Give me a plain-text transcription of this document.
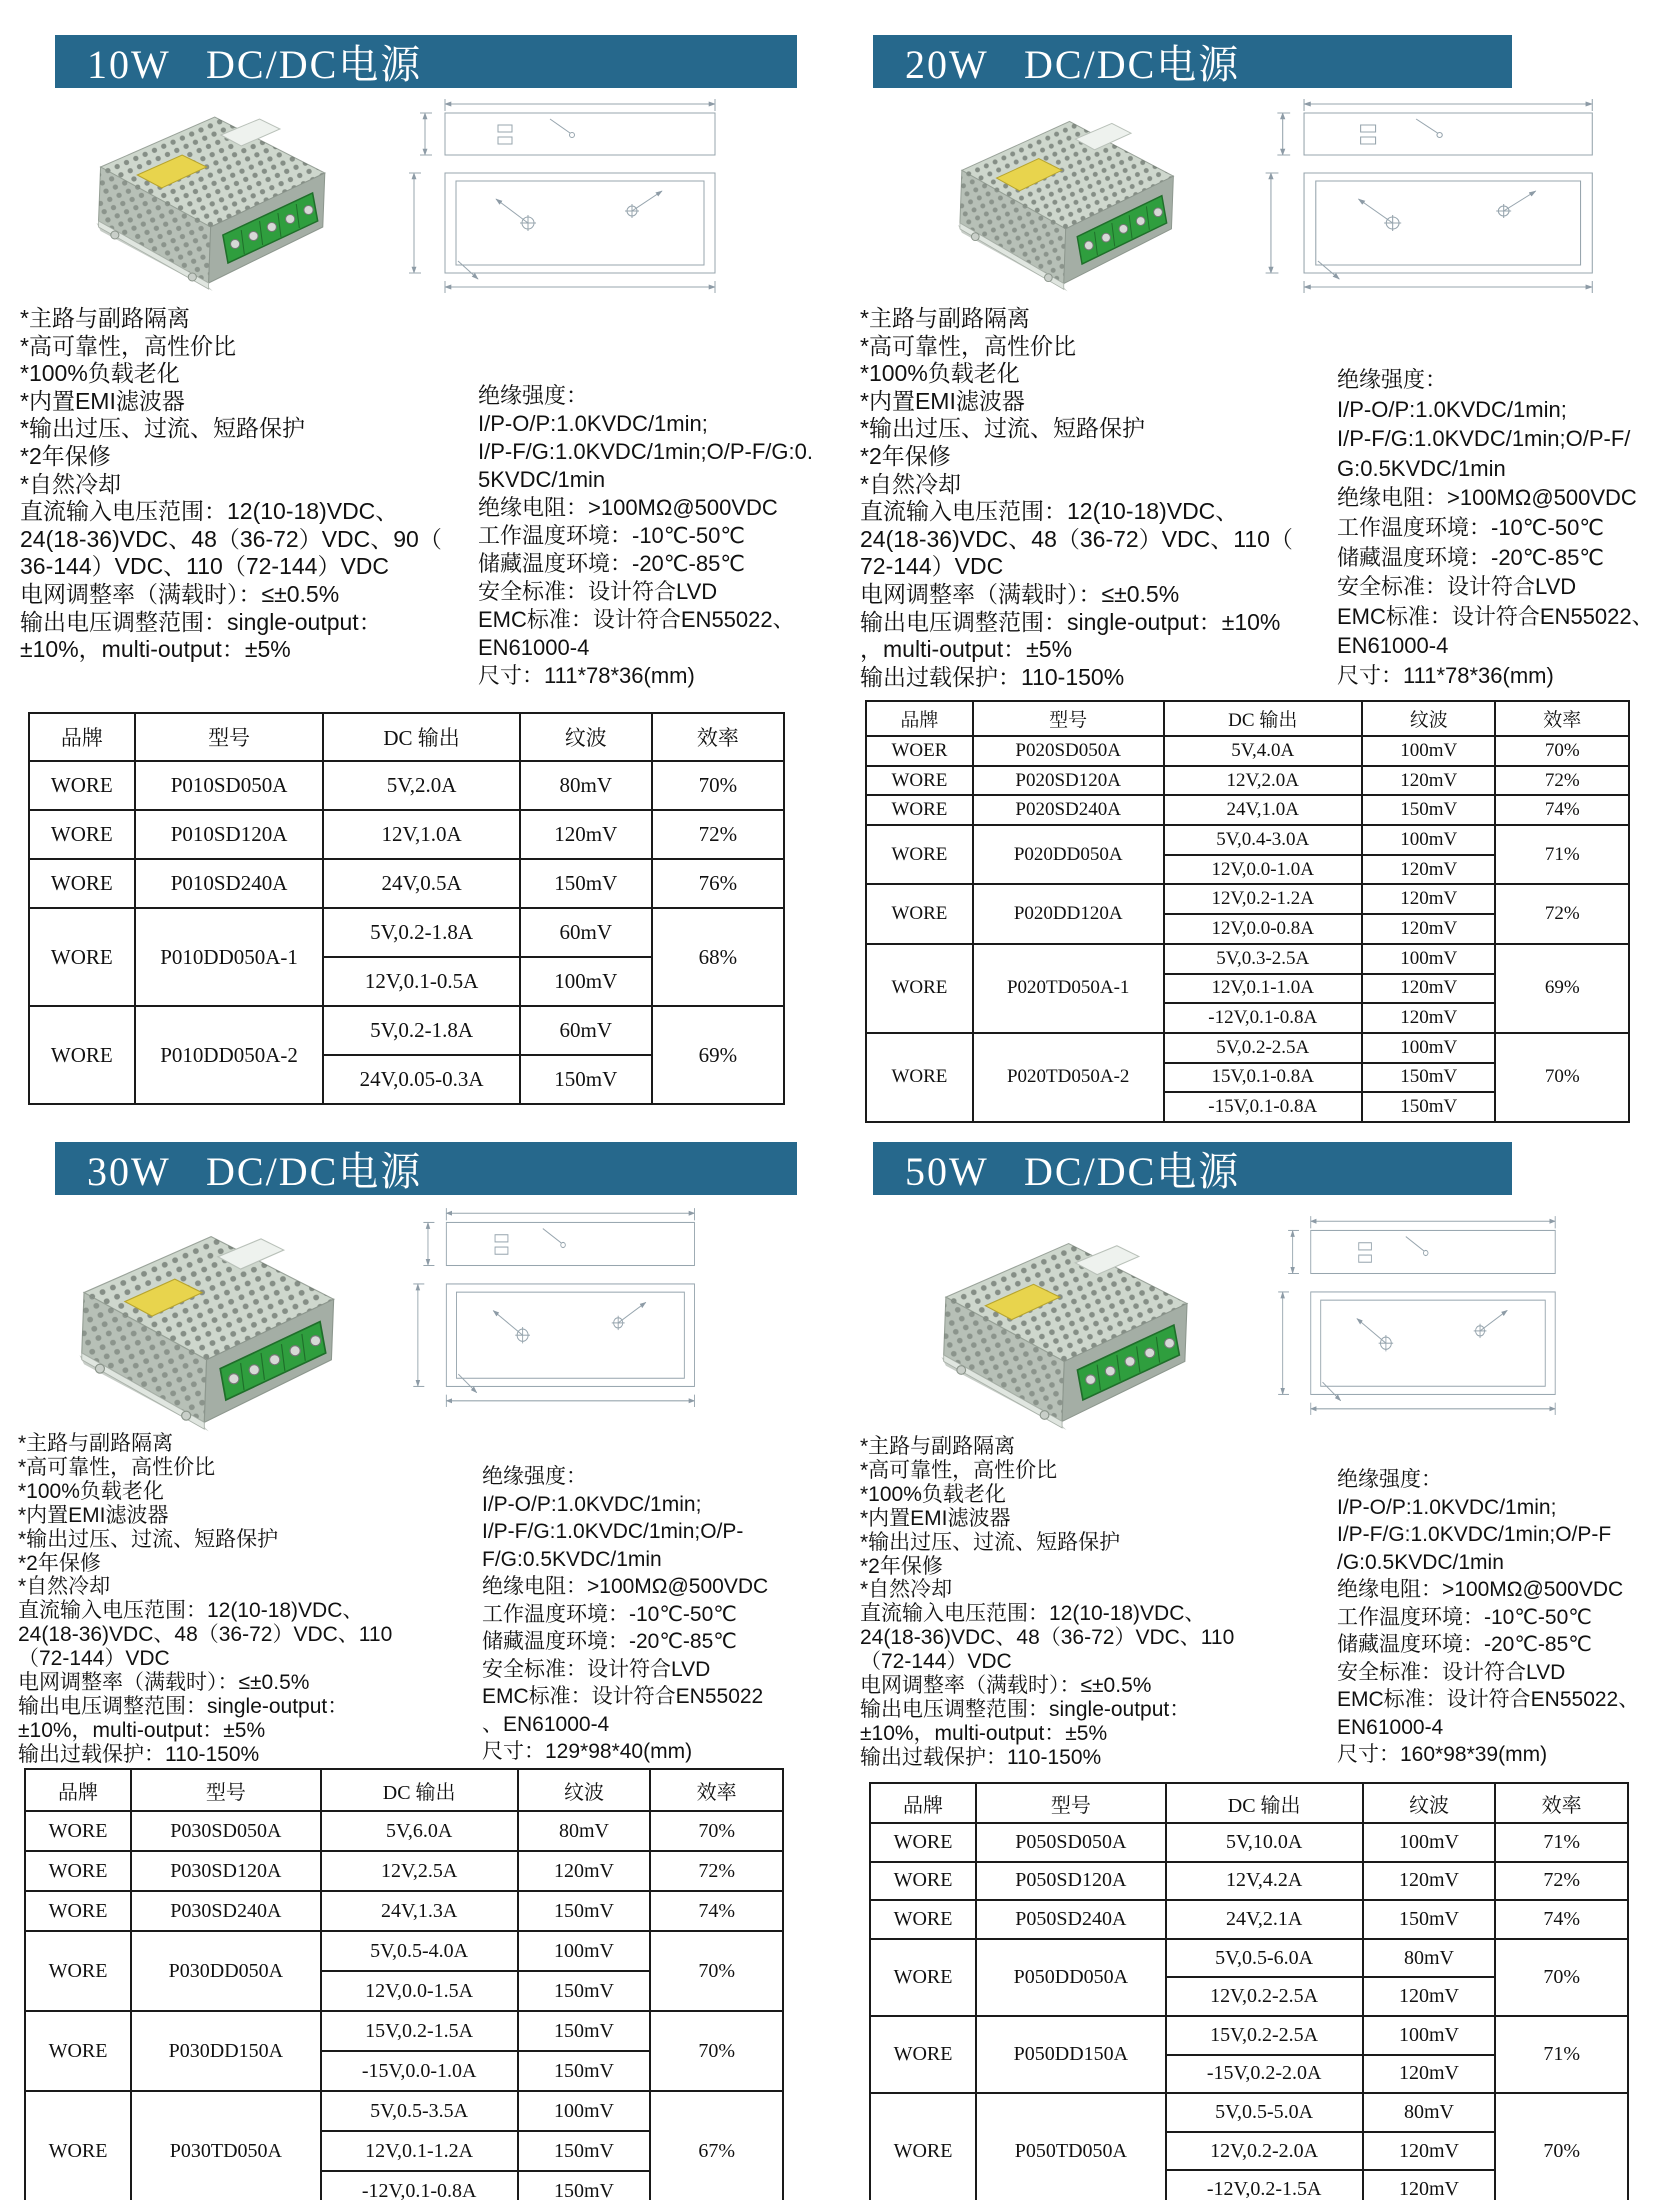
10W   DC/DC电源
*主路与副路隔离
*高可靠性，高性价比
*100%负载老化
*内置EMI滤波器
*输出过压、过流、短路保护
*2年保修
*自然冷却
直流输入电压范围：12(10-18)VDC、
24(18-36)VDC、48（36-72）VDC、90（
36-144）VDC、110（72-144）VDC
电网调整率（满载时）：≤±0.5%
输出电压调整范围：single-output：
±10%，multi-output：±5%
绝缘强度：
I/P-O/P:1.0KVDC/1min;
I/P-F/G:1.0KVDC/1min;O/P-F/G:0.
5KVDC/1min
绝缘电阻：>100MΩ@500VDC
工作温度环境：-10℃-50℃
储藏温度环境：-20℃-85℃
安全标准：设计符合LVD
EMC标准：设计符合EN55022、
EN61000-4
尺寸：111*78*36(mm)
品牌	型号	DC 输出	纹波	效率
WORE	P010SD050A	5V,2.0A	80mV	70%
WORE	P010SD120A	12V,1.0A	120mV	72%
WORE	P010SD240A	24V,0.5A	150mV	76%
WORE	P010DD050A-1	5V,0.2-1.8A	60mV	68%
		12V,0.1-0.5A	100mV	
WORE	P010DD050A-2	5V,0.2-1.8A	60mV	69%
		24V,0.05-0.3A	150mV	
20W   DC/DC电源
*主路与副路隔离
*高可靠性，高性价比
*100%负载老化
*内置EMI滤波器
*输出过压、过流、短路保护
*2年保修
*自然冷却
直流输入电压范围：12(10-18)VDC、
24(18-36)VDC、48（36-72）VDC、110（
72-144）VDC
电网调整率（满载时）：≤±0.5%
输出电压调整范围：single-output：±10%
，multi-output：±5%
输出过载保护：110-150%
绝缘强度：
I/P-O/P:1.0KVDC/1min;
I/P-F/G:1.0KVDC/1min;O/P-F/
G:0.5KVDC/1min
绝缘电阻：>100MΩ@500VDC
工作温度环境：-10℃-50℃
储藏温度环境：-20℃-85℃
安全标准：设计符合LVD
EMC标准：设计符合EN55022、
EN61000-4
尺寸：111*78*36(mm)
品牌	型号	DC 输出	纹波	效率
WOER	P020SD050A	5V,4.0A	100mV	70%
WORE	P020SD120A	12V,2.0A	120mV	72%
WORE	P020SD240A	24V,1.0A	150mV	74%
WORE	P020DD050A	5V,0.4-3.0A	100mV	71%
		12V,0.0-1.0A	120mV	
WORE	P020DD120A	12V,0.2-1.2A	120mV	72%
		12V,0.0-0.8A	120mV	
WORE	P020TD050A-1	5V,0.3-2.5A	100mV	69%
		12V,0.1-1.0A	120mV	
		-12V,0.1-0.8A	120mV	
WORE	P020TD050A-2	5V,0.2-2.5A	100mV	70%
		15V,0.1-0.8A	150mV	
		-15V,0.1-0.8A	150mV	
30W   DC/DC电源
*主路与副路隔离
*高可靠性，高性价比
*100%负载老化
*内置EMI滤波器
*输出过压、过流、短路保护
*2年保修
*自然冷却
直流输入电压范围：12(10-18)VDC、
24(18-36)VDC、48（36-72）VDC、110
（72-144）VDC
电网调整率（满载时）：≤±0.5%
输出电压调整范围：single-output：
±10%，multi-output：±5%
输出过载保护：110-150%
绝缘强度：
I/P-O/P:1.0KVDC/1min;
I/P-F/G:1.0KVDC/1min;O/P-
F/G:0.5KVDC/1min
绝缘电阻：>100MΩ@500VDC
工作温度环境：-10℃-50℃
储藏温度环境：-20℃-85℃
安全标准：设计符合LVD
EMC标准：设计符合EN55022
、EN61000-4
尺寸：129*98*40(mm)
品牌	型号	DC 输出	纹波	效率
WORE	P030SD050A	5V,6.0A	80mV	70%
WORE	P030SD120A	12V,2.5A	120mV	72%
WORE	P030SD240A	24V,1.3A	150mV	74%
WORE	P030DD050A	5V,0.5-4.0A	100mV	70%
		12V,0.0-1.5A	150mV	
WORE	P030DD150A	15V,0.2-1.5A	150mV	70%
		-15V,0.0-1.0A	150mV	
WORE	P030TD050A	5V,0.5-3.5A	100mV	67%
		12V,0.1-1.2A	150mV	
		-12V,0.1-0.8A	150mV	
50W   DC/DC电源
*主路与副路隔离
*高可靠性，高性价比
*100%负载老化
*内置EMI滤波器
*输出过压、过流、短路保护
*2年保修
*自然冷却
直流输入电压范围：12(10-18)VDC、
24(18-36)VDC、48（36-72）VDC、110
（72-144）VDC
电网调整率（满载时）：≤±0.5%
输出电压调整范围：single-output：
±10%，multi-output：±5%
输出过载保护：110-150%
绝缘强度：
I/P-O/P:1.0KVDC/1min;
I/P-F/G:1.0KVDC/1min;O/P-F
/G:0.5KVDC/1min
绝缘电阻：>100MΩ@500VDC
工作温度环境：-10℃-50℃
储藏温度环境：-20℃-85℃
安全标准：设计符合LVD
EMC标准：设计符合EN55022、
EN61000-4
尺寸：160*98*39(mm)
品牌	型号	DC 输出	纹波	效率
WORE	P050SD050A	5V,10.0A	100mV	71%
WORE	P050SD120A	12V,4.2A	120mV	72%
WORE	P050SD240A	24V,2.1A	150mV	74%
WORE	P050DD050A	5V,0.5-6.0A	80mV	70%
		12V,0.2-2.5A	120mV	
WORE	P050DD150A	15V,0.2-2.5A	100mV	71%
		-15V,0.2-2.0A	120mV	
WORE	P050TD050A	5V,0.5-5.0A	80mV	70%
		12V,0.2-2.0A	120mV	
		-12V,0.2-1.5A	120mV	
